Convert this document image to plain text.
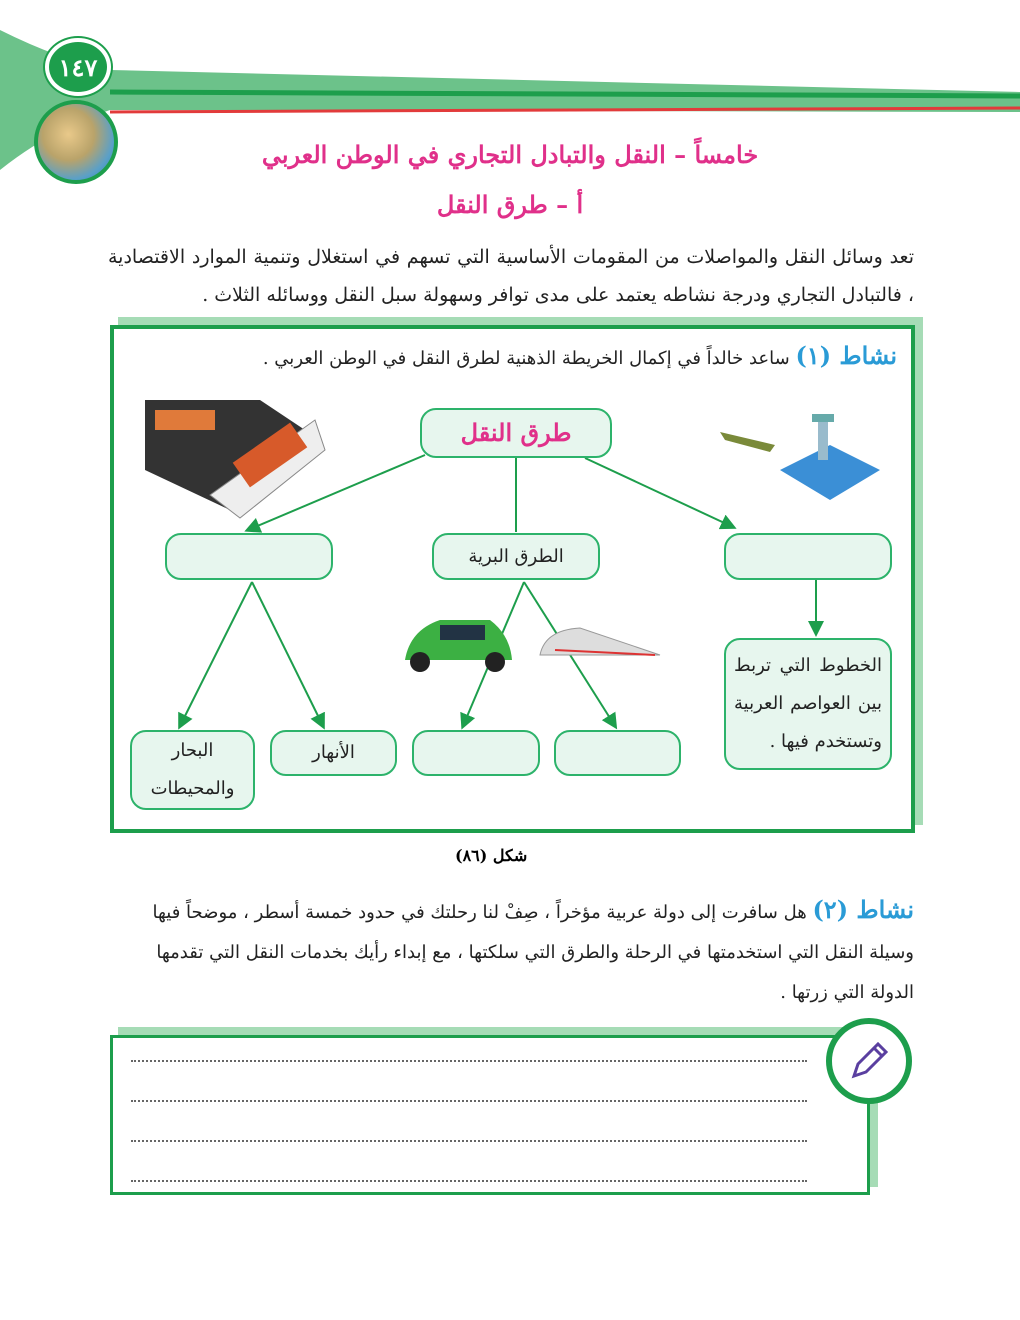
١٤٧
خامساً – النقل والتبادل التجاري في الوطن العربي
أ – طرق النقل
تعد وسائل النقل والمواصلات من المقومات الأساسية التي تسهم في استغلال وتنمية الموارد الاقتصادية ، فالتبادل التجاري ودرجة نشاطه يعتمد على مدى توافر وسهولة سبل النقل ووسائله الثلاث .
نشاط (١) ساعد خالداً في إكمال الخريطة الذهنية لطرق النقل في الوطن العربي .
طرق النقل
الطرق البرية
البحار والمحيطات
الأنهار
الخطوط التي تربط بين العواصم العربية وتستخدم فيها .
شكل (٨٦)
نشاط (٢) هل سافرت إلى دولة عربية مؤخراً ، صِفْ لنا رحلتك في حدود خمسة أسطر ، موضحاً فيها وسيلة النقل التي استخدمتها في الرحلة والطرق التي سلكتها ، مع إبداء رأيك بخدمات النقل التي تقدمها الدولة التي زرتها .
